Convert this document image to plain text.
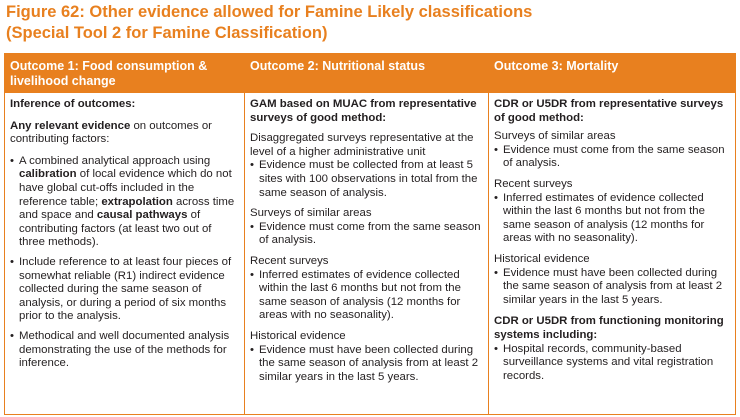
Figure 62: Other evidence allowed for Famine Likely classifications
(Special Tool 2 for Famine Classification)
Outcome 1: Food consumption & livelihood change
Inference of outcomes:
Any relevant evidence on outcomes or contributing factors:
• A combined analytical approach using calibration of local evidence which do not have global cut-offs included in the reference table; extrapolation across time and space and causal pathways of contributing factors (at least two out of three methods).
• Include reference to at least four pieces of somewhat reliable (R1) indirect evidence collected during the same season of analysis, or during a period of six months prior to the analysis.
• Methodical and well documented analysis demonstrating the use of the methods for inference.
Outcome 2: Nutritional status
GAM based on MUAC from representative surveys of good method:
Disaggregated surveys representative at the level of a higher administrative unit
• Evidence must be collected from at least 5 sites with 100 observations in total from the same season of analysis.
Surveys of similar areas
• Evidence must come from the same season of analysis.
Recent surveys
• Inferred estimates of evidence collected within the last 6 months but not from the same season of analysis (12 months for areas with no seasonality).
Historical evidence
• Evidence must have been collected during the same season of analysis from at least 2 similar years in the last 5 years.
Outcome 3: Mortality
CDR or U5DR from representative surveys of good method:
Surveys of similar areas
• Evidence must come from the same season of analysis.
Recent surveys
• Inferred estimates of evidence collected within the last 6 months but not from the same season of analysis (12 months for areas with no seasonality).
Historical evidence
• Evidence must have been collected during the same season of analysis from at least 2 similar years in the last 5 years.
CDR or U5DR from functioning monitoring systems including:
• Hospital records, community-based surveillance systems and vital registration records.
